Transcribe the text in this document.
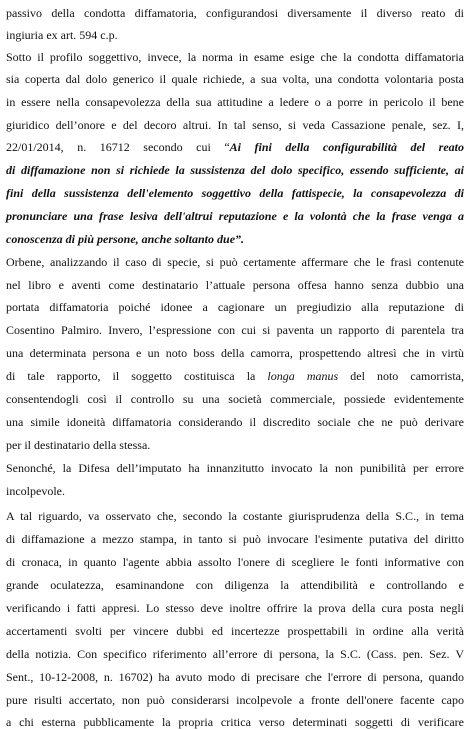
passivo della condotta diffamatoria, configurandosi diversamente il diverso reato di
ingiuria ex art. 594 c.p.
Sotto il profilo soggettivo, invece, la norma in esame esige che la condotta diffamatoria
sia coperta dal dolo generico il quale richiede, a sua volta, una condotta volontaria posta
in essere nella consapevolezza della sua attitudine a ledere o a porre in pericolo il bene
giuridico dell’onore e del decoro altrui. In tal senso, si veda Cassazione penale, sez. I,
22/01/2014, n. 16712 secondo cui “Ai fini della configurabilità del reato
di diffamazione non si richiede la sussistenza del dolo specifico, essendo sufficiente, ai
fini della sussistenza dell'elemento soggettivo della fattispecie, la consapevolezza di
pronunciare una frase lesiva dell'altrui reputazione e la volontà che la frase venga a
conoscenza di più persone, anche soltanto due”.
Orbene, analizzando il caso di specie, si può certamente affermare che le frasi contenute
nel libro e aventi come destinatario l’attuale persona offesa hanno senza dubbio una
portata diffamatoria poiché idonee a cagionare un pregiudizio alla reputazione di
Cosentino Palmiro. Invero, l’espressione con cui si paventa un rapporto di parentela tra
una determinata persona e un noto boss della camorra, prospettendo altresì che in virtù
di tale rapporto, il soggetto costituisca la longa manus del noto camorrista,
consentendogli così il controllo su una società commerciale, possiede evidentemente
una simile idoneità diffamatoria considerando il discredito sociale che ne può derivare
per il destinatario della stessa.
Senonché, la Difesa dell’imputato ha innanzitutto invocato la non punibilità per errore
incolpevole.
A tal riguardo, va osservato che, secondo la costante giurisprudenza della S.C., in tema
di diffamazione a mezzo stampa, in tanto si può invocare l'esimente putativa del diritto
di cronaca, in quanto l'agente abbia assolto l'onere di scegliere le fonti informative con
grande oculatezza, esaminandone con diligenza la attendibilità e controllando e
verificando i fatti appresi. Lo stesso deve inoltre offrire la prova della cura posta negli
accertamenti svolti per vincere dubbi ed incertezze prospettabili in ordine alla verità
della notizia. Con specifico riferimento all’errore di persona, la S.C. (Cass. pen. Sez. V
Sent., 10-12-2008, n. 16702) ha avuto modo di precisare che l'errore di persona, quando
pure risulti accertato, non può considerarsi incolpevole a fronte dell'onere facente capo
a chi esterna pubblicamente la propria critica verso determinati soggetti di verificare
